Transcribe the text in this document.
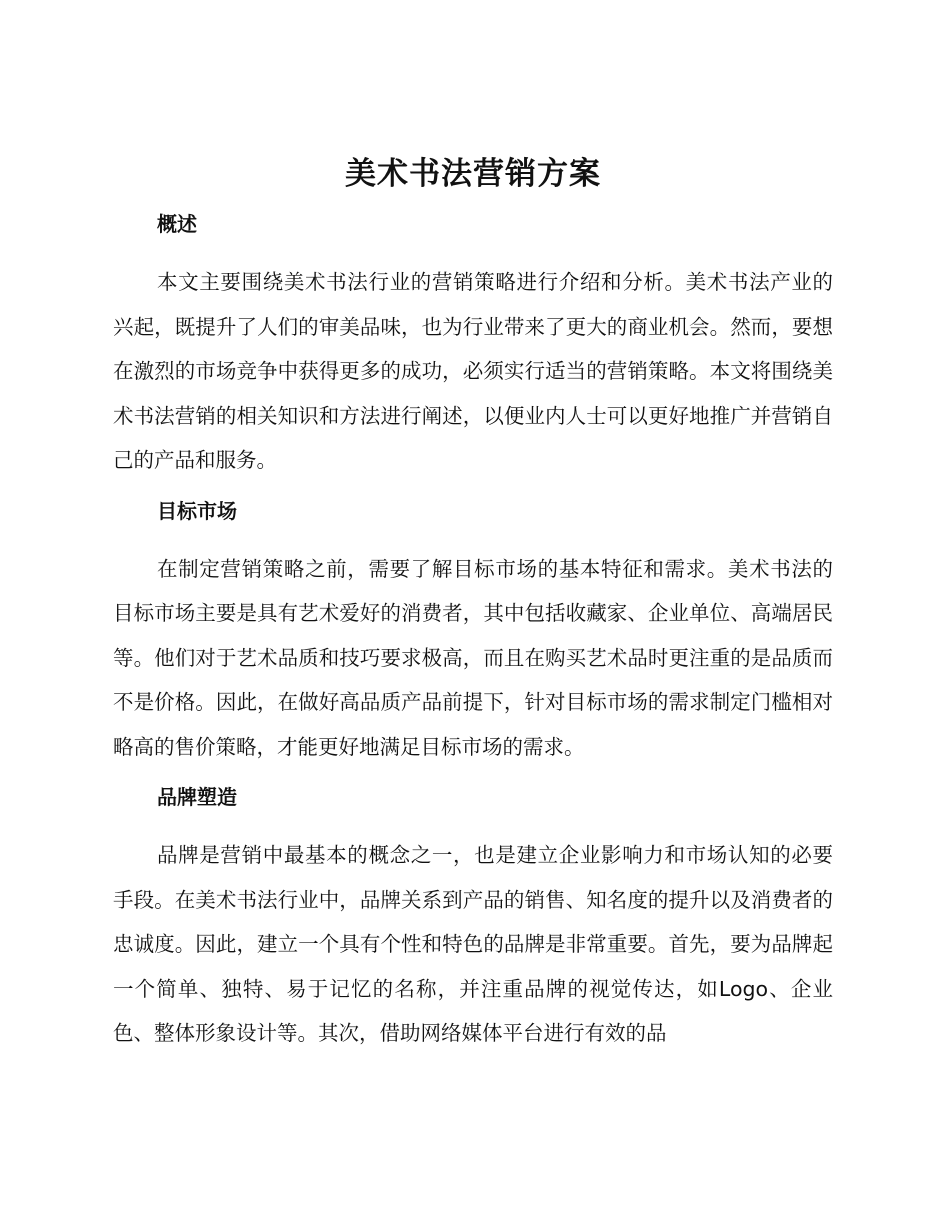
美术书法营销方案
概述

本文主要围绕美术书法行业的营销策略进行介绍和分析。美术书法产业的兴起，既提升了人们的审美品味，也为行业带来了更大的商业机会。然而，要想在激烈的市场竞争中获得更多的成功，必须实行适当的营销策略。本文将围绕美术书法营销的相关知识和方法进行阐述，以便业内人士可以更好地推广并营销自己的产品和服务。

目标市场

在制定营销策略之前，需要了解目标市场的基本特征和需求。美术书法的目标市场主要是具有艺术爱好的消费者，其中包括收藏家、企业单位、高端居民等。他们对于艺术品质和技巧要求极高，而且在购买艺术品时更注重的是品质而不是价格。因此，在做好高品质产品前提下，针对目标市场的需求制定门槛相对略高的售价策略，才能更好地满足目标市场的需求。

品牌塑造

品牌是营销中最基本的概念之一，也是建立企业影响力和市场认知的必要手段。在美术书法行业中，品牌关系到产品的销售、知名度的提升以及消费者的忠诚度。因此，建立一个具有个性和特色的品牌是非常重要。首先，要为品牌起一个简单、独特、易于记忆的名称，并注重品牌的视觉传达，如Logo、企业色、整体形象设计等。其次，借助网络媒体平台进行有效的品
